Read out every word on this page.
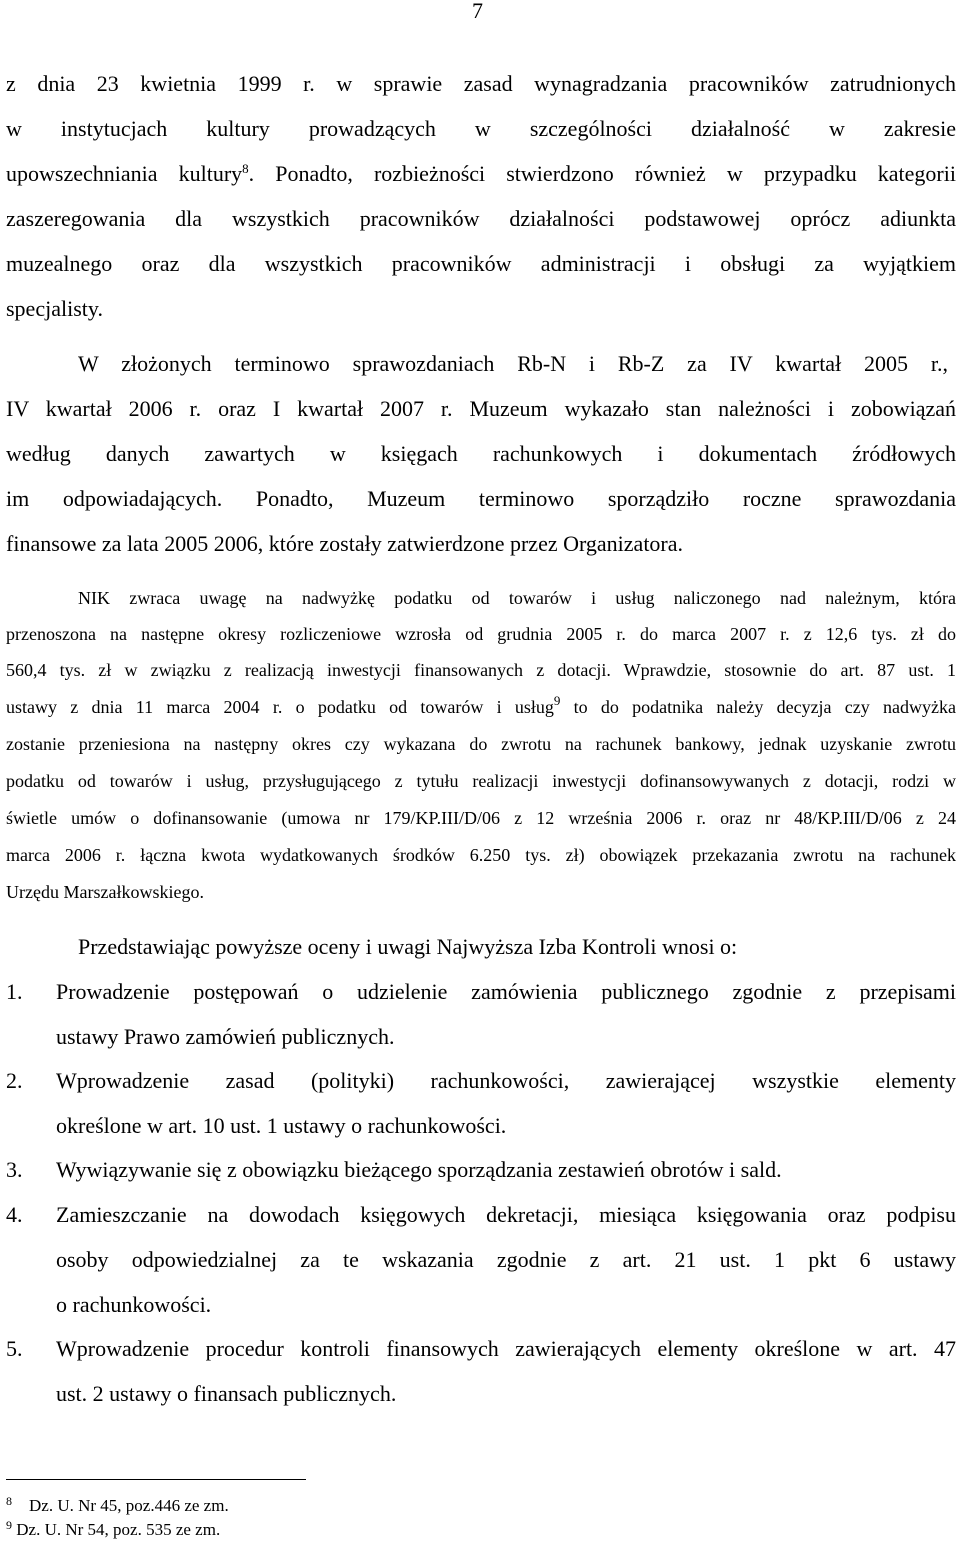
7
z dnia 23 kwietnia 1999 r. w sprawie zasad wynagradzania pracowników zatrudnionych
w instytucjach kultury prowadzących w szczególności działalność w zakresie
upowszechniania kultury$^8$. Ponadto, rozbieżności stwierdzono również w przypadku kategorii
zaszeregowania dla wszystkich pracowników działalności podstawowej oprócz adiunkta
muzealnego oraz dla wszystkich pracowników administracji i obsługi za wyjątkiem
specjalisty.
W złożonych terminowo sprawozdaniach Rb-N i Rb-Z za IV kwartał 2005 r.,
IV kwartał 2006 r. oraz I kwartał 2007 r. Muzeum wykazało stan należności i zobowiązań
według danych zawartych w księgach rachunkowych i dokumentach źródłowych
im odpowiadających. Ponadto, Muzeum terminowo sporządziło roczne sprawozdania
finansowe za lata 2005 2006, które zostały zatwierdzone przez Organizatora.
NIK zwraca uwagę na nadwyżkę podatku od towarów i usług naliczonego nad należnym, która
przenoszona na następne okresy rozliczeniowe wzrosła od grudnia 2005 r. do marca 2007 r. z 12,6 tys. zł do
560,4 tys. zł w związku z realizacją inwestycji finansowanych z dotacji. Wprawdzie, stosownie do art. 87 ust. 1
ustawy z dnia 11 marca 2004 r. o podatku od towarów i usług$^9$ to do podatnika należy decyzja czy nadwyżka
zostanie przeniesiona na następny okres czy wykazana do zwrotu na rachunek bankowy, jednak uzyskanie zwrotu
podatku od towarów i usług, przysługującego z tytułu realizacji inwestycji dofinansowywanych z dotacji, rodzi w
świetle umów o dofinansowanie (umowa nr 179/KP.III/D/06 z 12 września 2006 r. oraz nr 48/KP.III/D/06 z 24
marca 2006 r. łączna kwota wydatkowanych środków 6.250 tys. zł) obowiązek przekazania zwrotu na rachunek
Urzędu Marszałkowskiego.
Przedstawiając powyższe oceny i uwagi Najwyższa Izba Kontroli wnosi o:
1. Prowadzenie postępowań o udzielenie zamówienia publicznego zgodnie z przepisami
ustawy Prawo zamówień publicznych.
2. Wprowadzenie zasad (polityki) rachunkowości, zawierającej wszystkie elementy
określone w art. 10 ust. 1 ustawy o rachunkowości.
3. Wywiązywanie się z obowiązku bieżącego sporządzania zestawień obrotów i sald.
4. Zamieszczanie na dowodach księgowych dekretacji, miesiąca księgowania oraz podpisu
osoby odpowiedzialnej za te wskazania zgodnie z art. 21 ust. 1 pkt 6 ustawy
o rachunkowości.
5. Wprowadzenie procedur kontroli finansowych zawierających elementy określone w art. 47
ust. 2 ustawy o finansach publicznych.
$^8$ Dz. U. Nr 45, poz.446 ze zm.
$^9$ Dz. U. Nr 54, poz. 535 ze zm.
